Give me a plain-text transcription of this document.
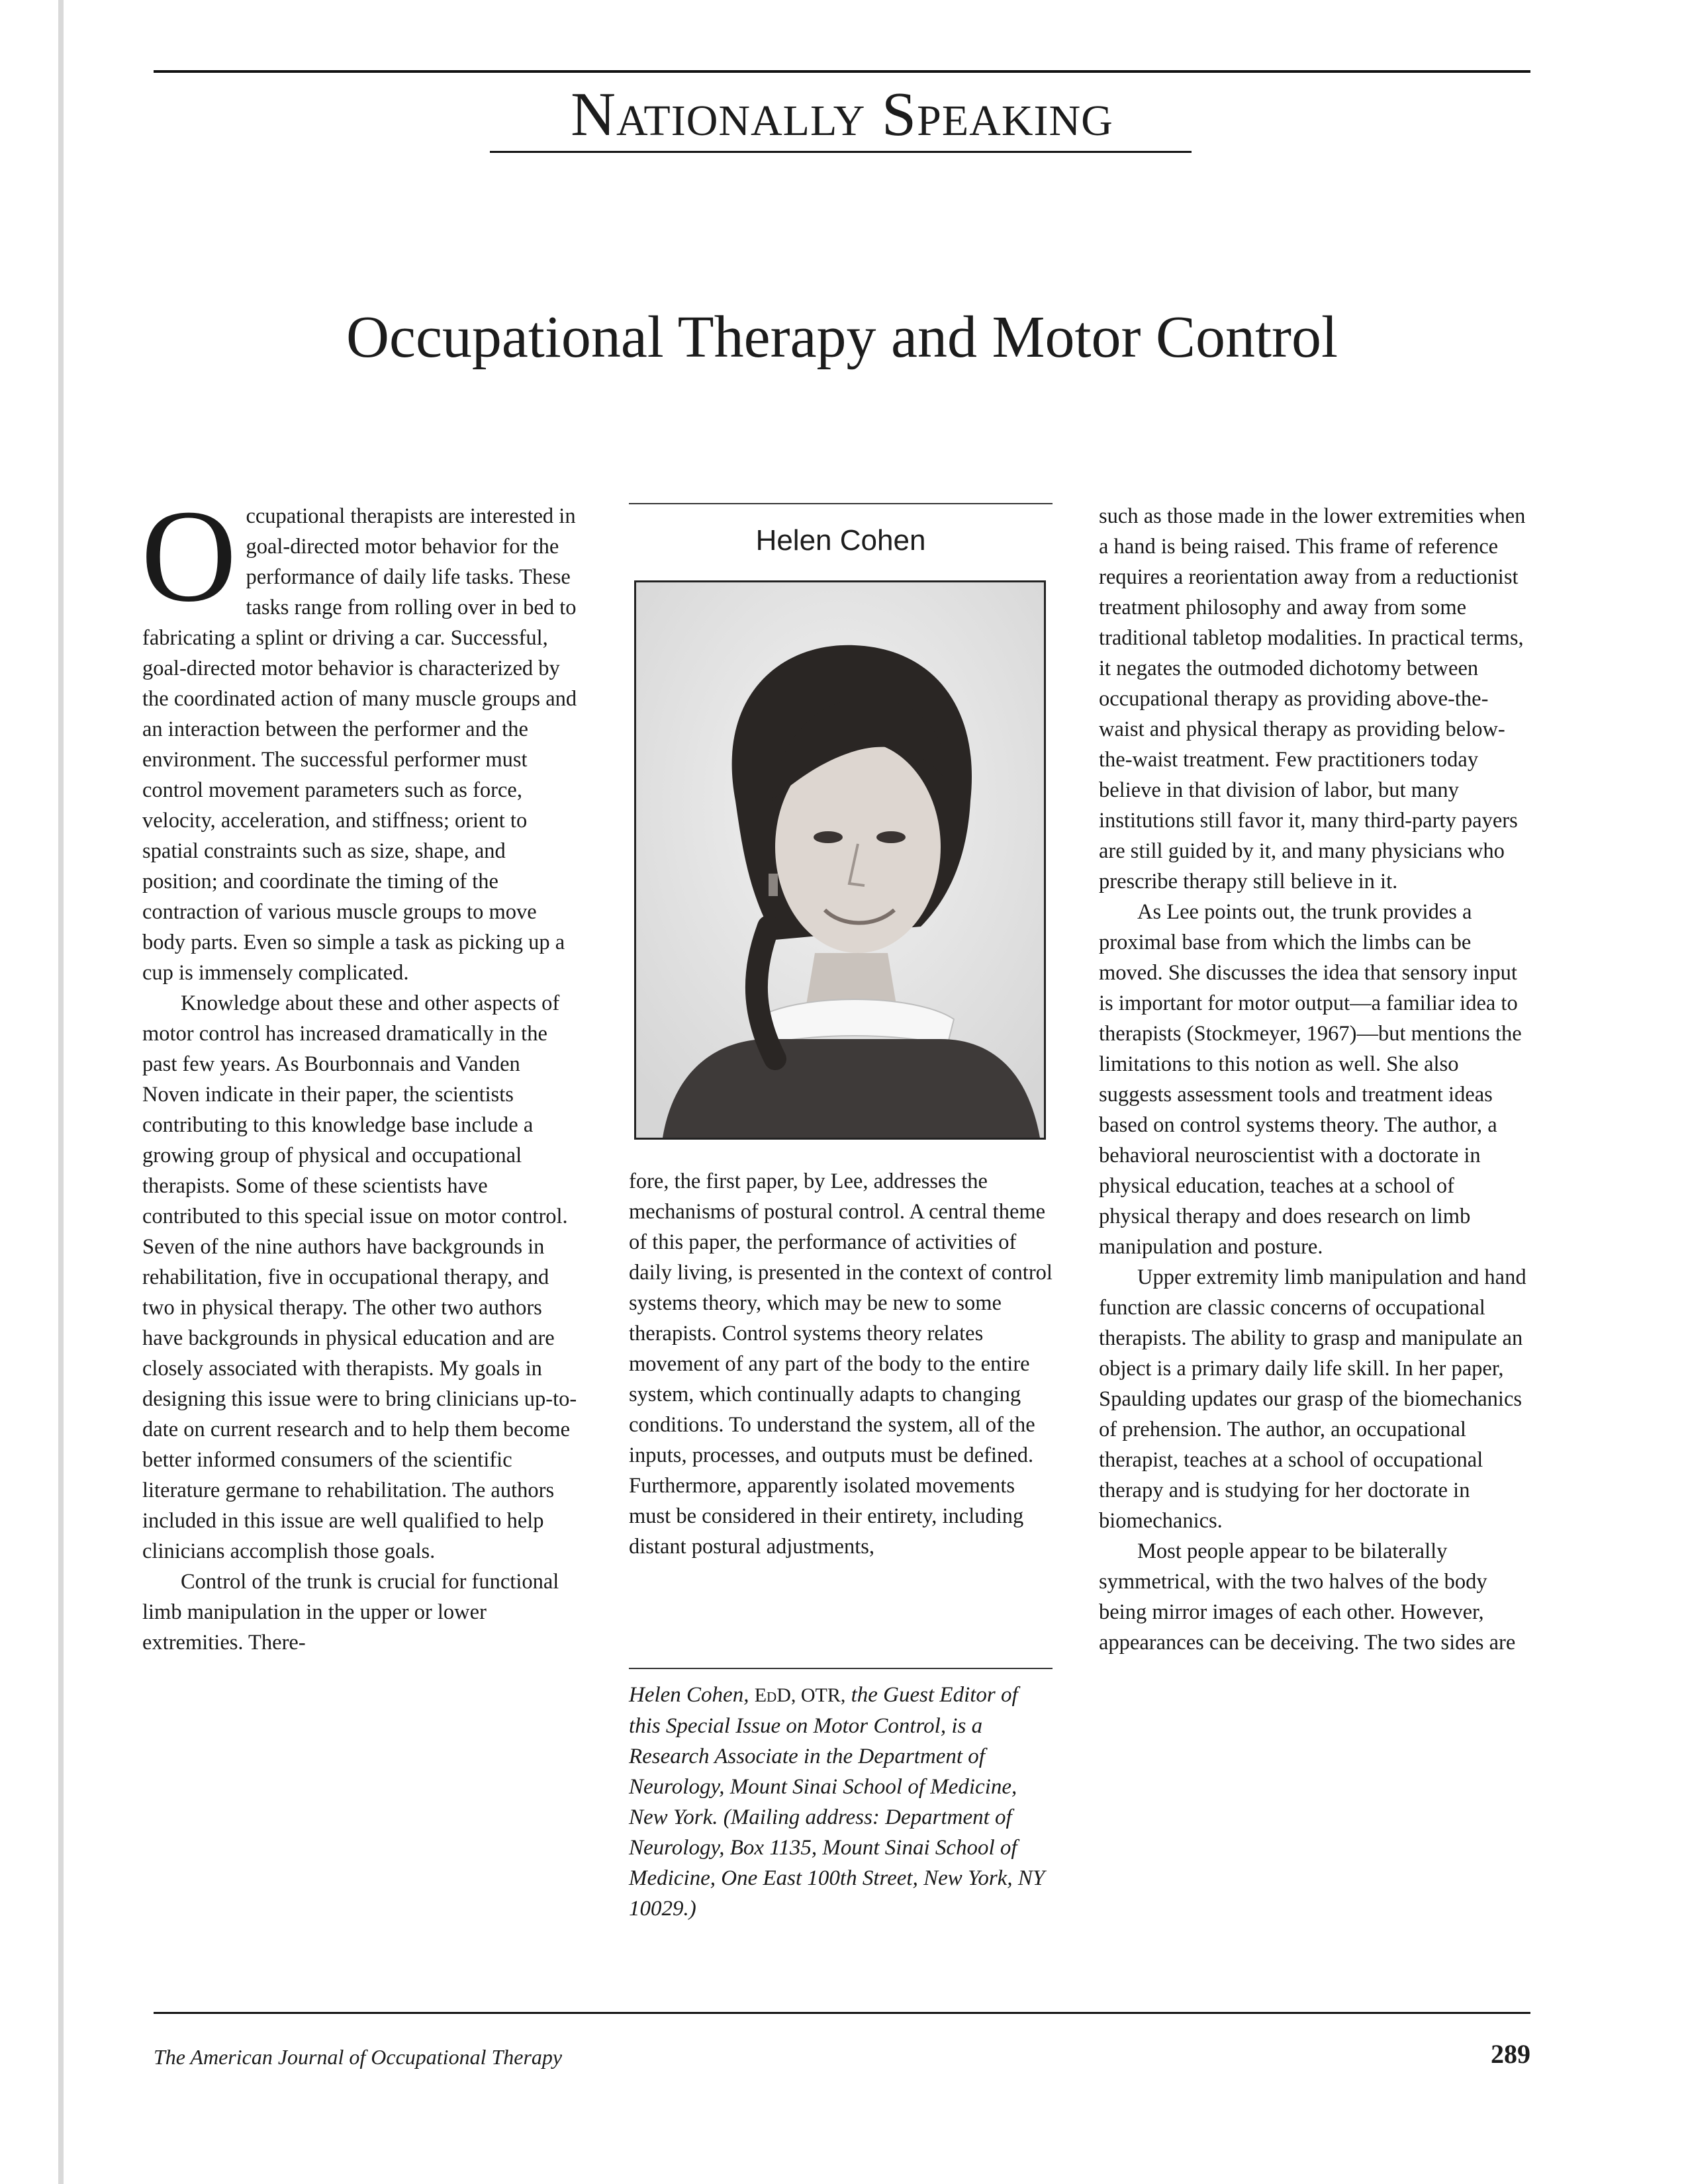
Nationally Speaking
Occupational Therapy and Motor Control

Occupational therapists are interested in goal-directed motor behavior for the performance of daily life tasks. These tasks range from rolling over in bed to fabricating a splint or driving a car. Successful, goal-directed motor behavior is characterized by the coordinated action of many muscle groups and an interaction between the performer and the environment. The successful performer must control movement parameters such as force, velocity, acceleration, and stiffness; orient to spatial constraints such as size, shape, and position; and coordinate the timing of the contraction of various muscle groups to move body parts. Even so simple a task as picking up a cup is immensely complicated.

Knowledge about these and other aspects of motor control has increased dramatically in the past few years. As Bourbonnais and Vanden Noven indicate in their paper, the scientists contributing to this knowledge base include a growing group of physical and occupational therapists. Some of these scientists have contributed to this special issue on motor control. Seven of the nine authors have backgrounds in rehabilitation, five in occupational therapy, and two in physical therapy. The other two authors have backgrounds in physical education and are closely associated with therapists. My goals in designing this issue were to bring clinicians up-to-date on current research and to help them become better informed consumers of the scientific literature germane to rehabilitation. The authors included in this issue are well qualified to help clinicians accomplish those goals.

Control of the trunk is crucial for functional limb manipulation in the upper or lower extremities. There-

Helen Cohen

fore, the first paper, by Lee, addresses the mechanisms of postural control. A central theme of this paper, the performance of activities of daily living, is presented in the context of control systems theory, which may be new to some therapists. Control systems theory relates movement of any part of the body to the entire system, which continually adapts to changing conditions. To understand the system, all of the inputs, processes, and outputs must be defined. Furthermore, apparently isolated movements must be considered in their entirety, including distant postural adjustments,

Helen Cohen, EdD, OTR, the Guest Editor of this Special Issue on Motor Control, is a Research Associate in the Department of Neurology, Mount Sinai School of Medicine, New York. (Mailing address: Department of Neurology, Box 1135, Mount Sinai School of Medicine, One East 100th Street, New York, NY 10029.)

such as those made in the lower extremities when a hand is being raised. This frame of reference requires a reorientation away from a reductionist treatment philosophy and away from some traditional tabletop modalities. In practical terms, it negates the outmoded dichotomy between occupational therapy as providing above-the-waist and physical therapy as providing below-the-waist treatment. Few practitioners today believe in that division of labor, but many institutions still favor it, many third-party payers are still guided by it, and many physicians who prescribe therapy still believe in it.

As Lee points out, the trunk provides a proximal base from which the limbs can be moved. She discusses the idea that sensory input is important for motor output—a familiar idea to therapists (Stockmeyer, 1967)—but mentions the limitations to this notion as well. She also suggests assessment tools and treatment ideas based on control systems theory. The author, a behavioral neuroscientist with a doctorate in physical education, teaches at a school of physical therapy and does research on limb manipulation and posture.

Upper extremity limb manipulation and hand function are classic concerns of occupational therapists. The ability to grasp and manipulate an object is a primary daily life skill. In her paper, Spaulding updates our grasp of the biomechanics of prehension. The author, an occupational therapist, teaches at a school of occupational therapy and is studying for her doctorate in biomechanics.

Most people appear to be bilaterally symmetrical, with the two halves of the body being mirror images of each other. However, appearances can be deceiving. The two sides are

The American Journal of Occupational Therapy	289
